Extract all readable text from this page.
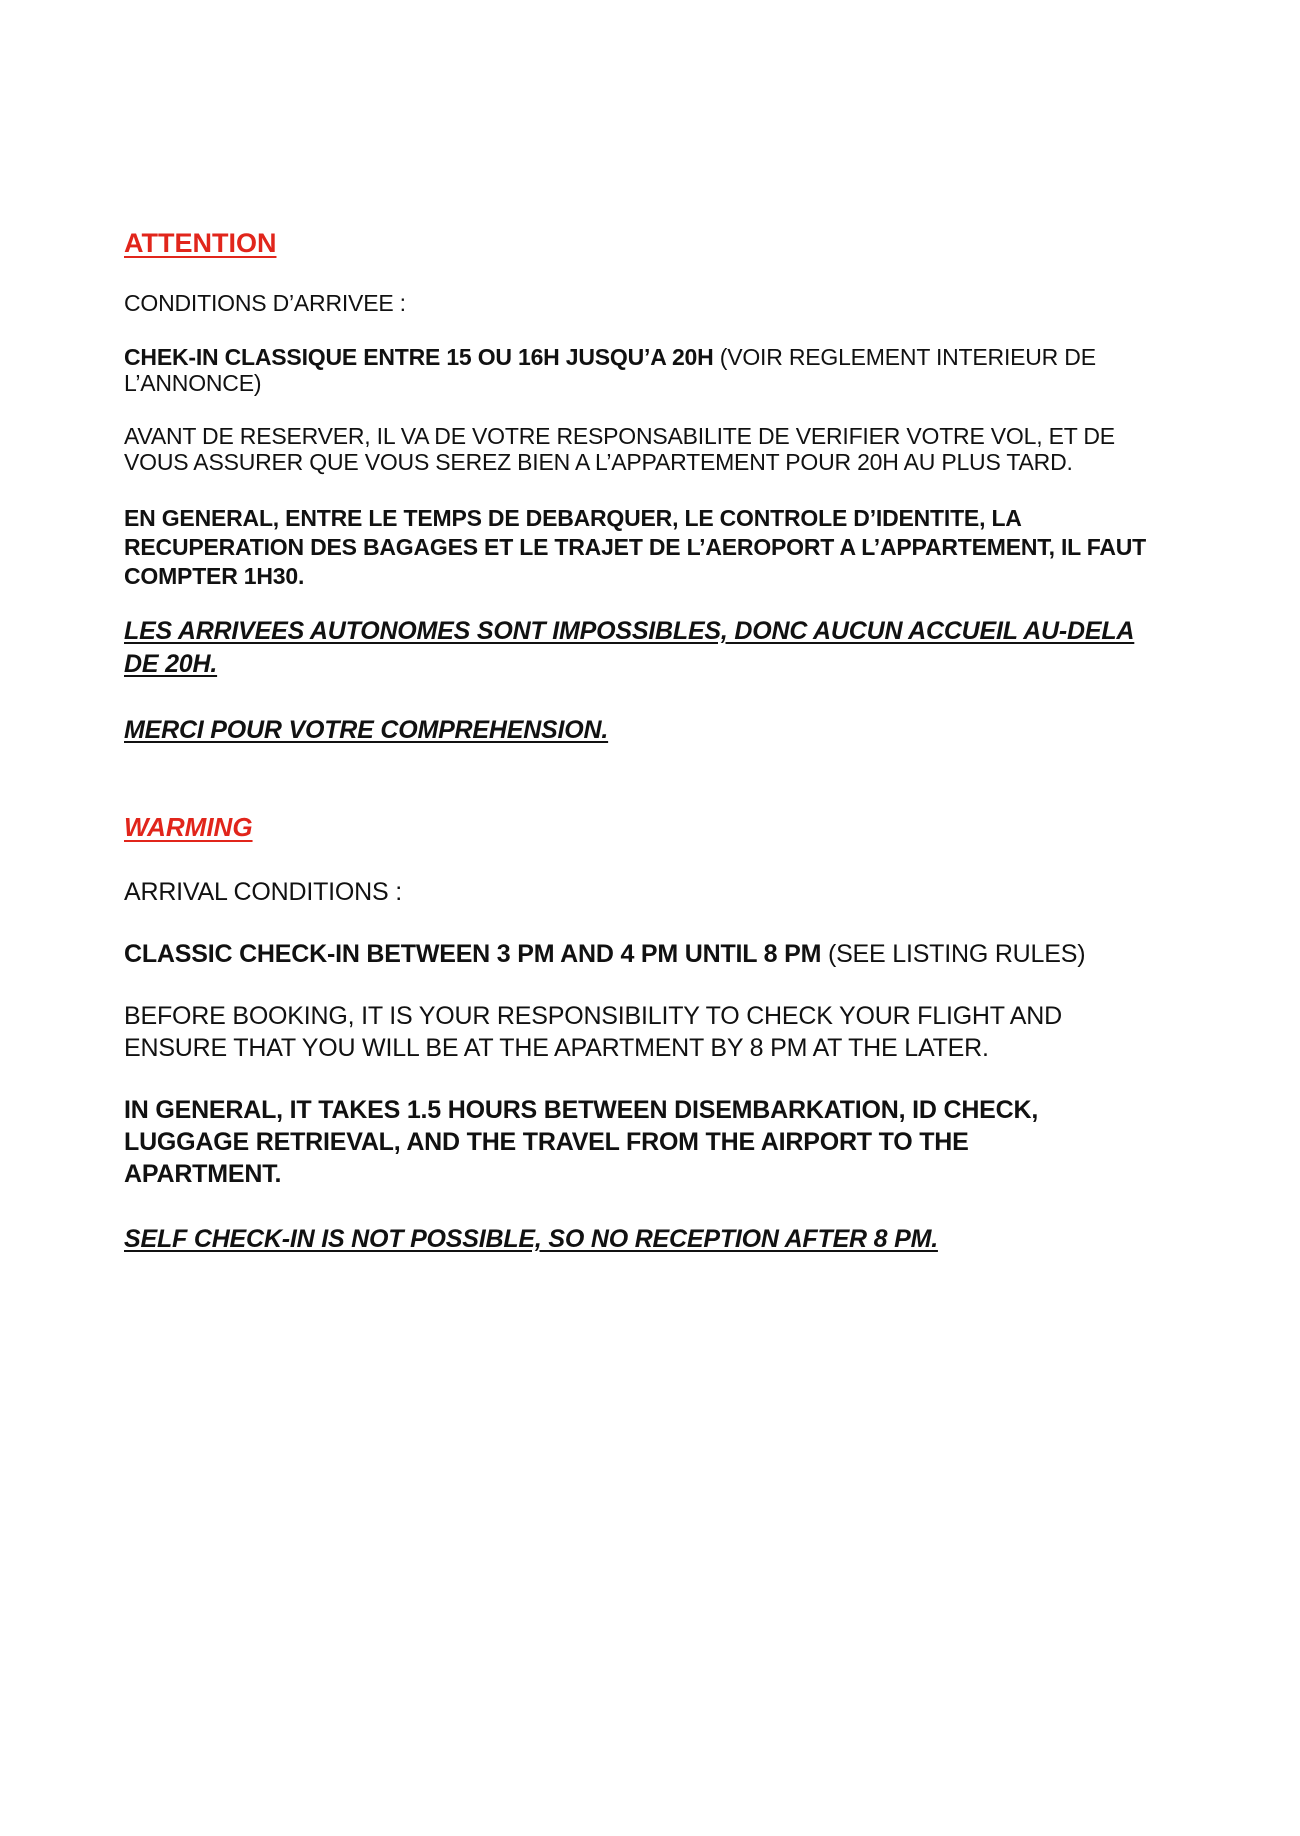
ATTENTION

CONDITIONS D’ARRIVEE :

CHEK-IN CLASSIQUE ENTRE 15 OU 16H JUSQU’A 20H (VOIR REGLEMENT INTERIEUR DE L’ANNONCE)

AVANT DE RESERVER, IL VA DE VOTRE RESPONSABILITE DE VERIFIER VOTRE VOL, ET DE VOUS ASSURER QUE VOUS SEREZ BIEN A L’APPARTEMENT POUR 20H AU PLUS TARD.

EN GENERAL, ENTRE LE TEMPS DE DEBARQUER, LE CONTROLE D’IDENTITE, LA RECUPERATION DES BAGAGES ET LE TRAJET DE L’AEROPORT A L’APPARTEMENT, IL FAUT COMPTER 1H30.

LES ARRIVEES AUTONOMES SONT IMPOSSIBLES, DONC AUCUN ACCUEIL AU-DELA DE 20H.

MERCI POUR VOTRE COMPREHENSION.

WARMING

ARRIVAL CONDITIONS :

CLASSIC CHECK-IN BETWEEN 3 PM AND 4 PM UNTIL 8 PM (SEE LISTING RULES)

BEFORE BOOKING, IT IS YOUR RESPONSIBILITY TO CHECK YOUR FLIGHT AND ENSURE THAT YOU WILL BE AT THE APARTMENT BY 8 PM AT THE LATER.

IN GENERAL, IT TAKES 1.5 HOURS BETWEEN DISEMBARKATION, ID CHECK, LUGGAGE RETRIEVAL, AND THE TRAVEL FROM THE AIRPORT TO THE APARTMENT.

SELF CHECK-IN IS NOT POSSIBLE, SO NO RECEPTION AFTER 8 PM.
